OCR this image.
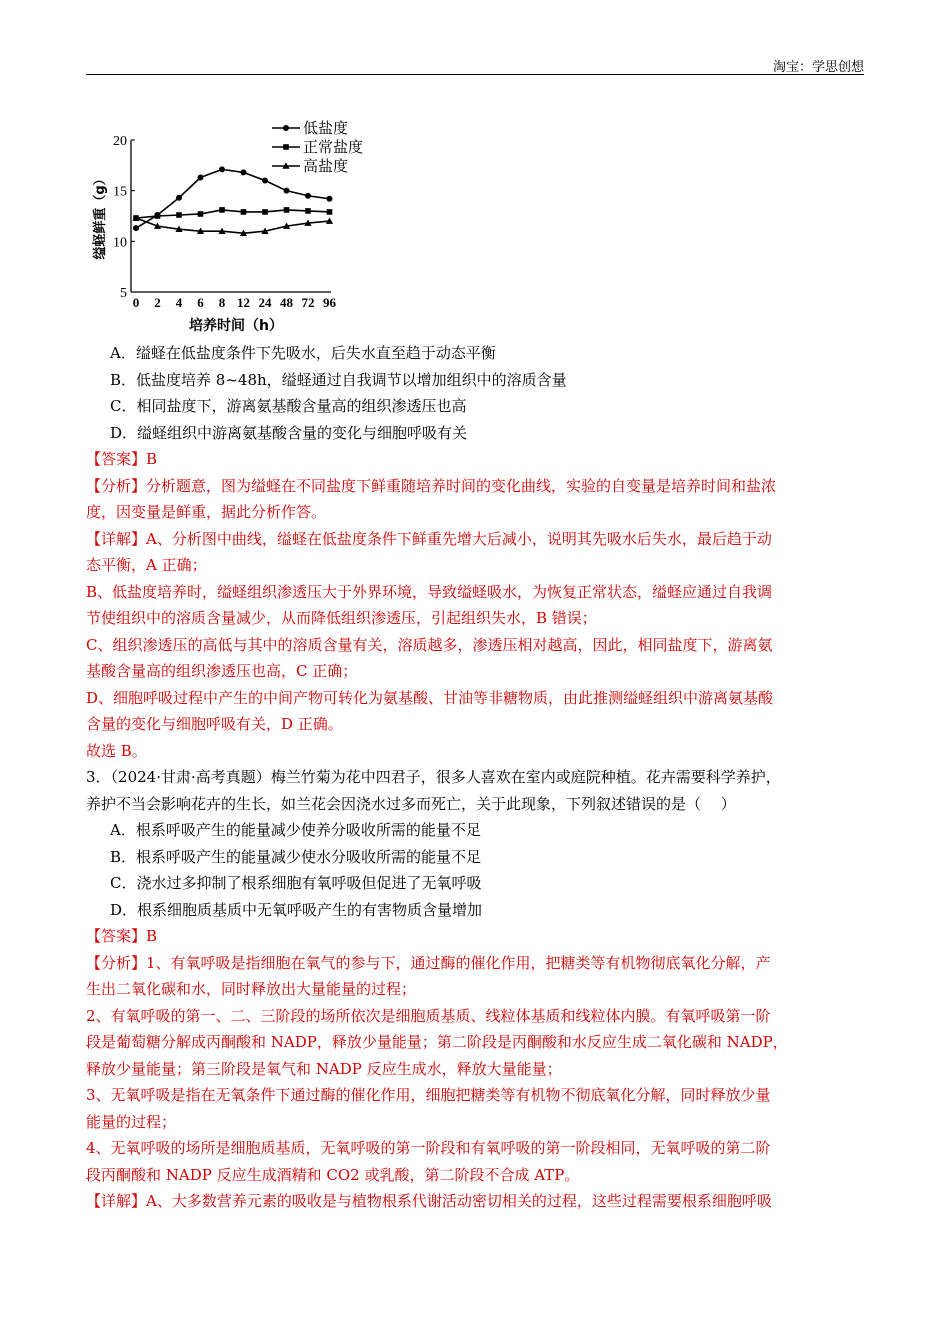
淘宝：学思创想
5
10
15
20
0 2 4 6 8 12 24 48 72 96
培养时间（h）
缢蛏鲜重（g）
低盐度
正常盐度
高盐度
A．缢蛏在低盐度条件下先吸水，后失水直至趋于动态平衡
B．低盐度培养 8~48h，缢蛏通过自我调节以增加组织中的溶质含量
C．相同盐度下，游离氨基酸含量高的组织渗透压也高
D．缢蛏组织中游离氨基酸含量的变化与细胞呼吸有关
【答案】B
【分析】分析题意，图为缢蛏在不同盐度下鲜重随培养时间的变化曲线，实验的自变量是培养时间和盐浓
度，因变量是鲜重，据此分析作答。
【详解】A、分析图中曲线，缢蛏在低盐度条件下鲜重先增大后减小，说明其先吸水后失水，最后趋于动
态平衡，A 正确；
B、低盐度培养时，缢蛏组织渗透压大于外界环境，导致缢蛏吸水，为恢复正常状态，缢蛏应通过自我调
节使组织中的溶质含量减少，从而降低组织渗透压，引起组织失水，B 错误；
C、组织渗透压的高低与其中的溶质含量有关，溶质越多，渗透压相对越高，因此，相同盐度下，游离氨
基酸含量高的组织渗透压也高，C 正确；
D、细胞呼吸过程中产生的中间产物可转化为氨基酸、甘油等非糖物质，由此推测缢蛏组织中游离氨基酸
含量的变化与细胞呼吸有关，D 正确。
故选 B。
3．（2024·甘肃·高考真题）梅兰竹菊为花中四君子，很多人喜欢在室内或庭院种植。花卉需要科学养护，
养护不当会影响花卉的生长，如兰花会因浇水过多而死亡，关于此现象，下列叙述错误的是（　 ）
A．根系呼吸产生的能量减少使养分吸收所需的能量不足
B．根系呼吸产生的能量减少使水分吸收所需的能量不足
C．浇水过多抑制了根系细胞有氧呼吸但促进了无氧呼吸
D．根系细胞质基质中无氧呼吸产生的有害物质含量增加
【答案】B
【分析】1、有氧呼吸是指细胞在氧气的参与下，通过酶的催化作用，把糖类等有机物彻底氧化分解，产
生出二氧化碳和水，同时释放出大量能量的过程；
2、有氧呼吸的第一、二、三阶段的场所依次是细胞质基质、线粒体基质和线粒体内膜。有氧呼吸第一阶
段是葡萄糖分解成丙酮酸和 NADP，释放少量能量；第二阶段是丙酮酸和水反应生成二氧化碳和 NADP，
释放少量能量；第三阶段是氧气和 NADP 反应生成水，释放大量能量；
3、无氧呼吸是指在无氧条件下通过酶的催化作用，细胞把糖类等有机物不彻底氧化分解，同时释放少量
能量的过程；
4、无氧呼吸的场所是细胞质基质，无氧呼吸的第一阶段和有氧呼吸的第一阶段相同，无氧呼吸的第二阶
段丙酮酸和 NADP 反应生成酒精和 CO2 或乳酸，第二阶段不合成 ATP。
【详解】A、大多数营养元素的吸收是与植物根系代谢活动密切相关的过程，这些过程需要根系细胞呼吸
